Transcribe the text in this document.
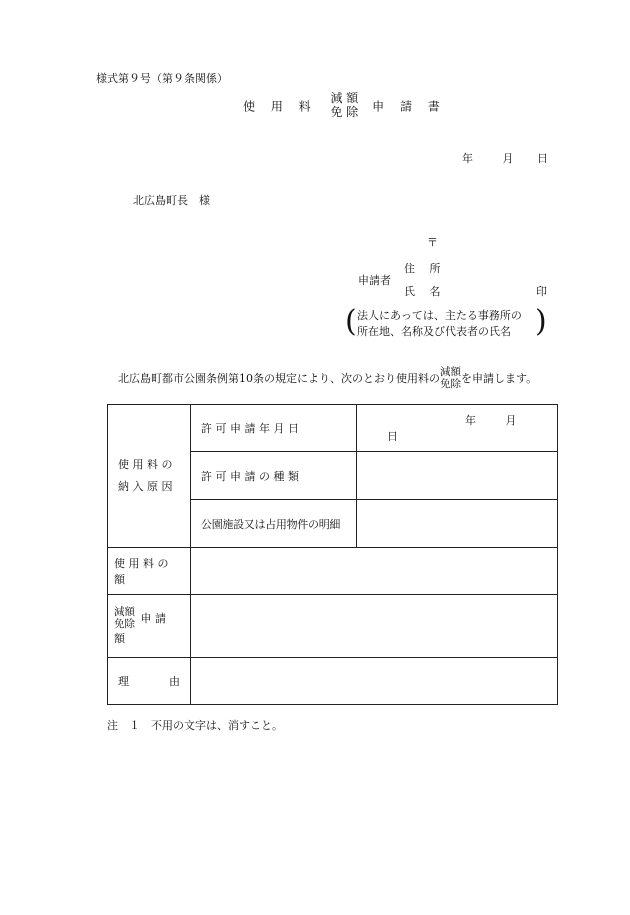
様式第９号（第９条関係）
使 用 料
減 額
免 除 申 請 書
年	月 日
北広島町長　様
〒
申請者
住 所
氏 名	印
( 法人にあっては、主たる事務所の
所在地、名称及び代表者の氏名 )
北広島町都市公園条例第10条の規定により、次のとおり使用料の
減額
免除 を申請します。
使 用 料 の
納 入 原 因	許 可 申 請 年 月 日	年 月 日
	許 可 申 請 の 種 類	
	公園施設又は占用物件の明細	
使 用 料 の 額		

減額
免除 申 請 額		
理 由		

注　１　不用の文字は、消すこと。
